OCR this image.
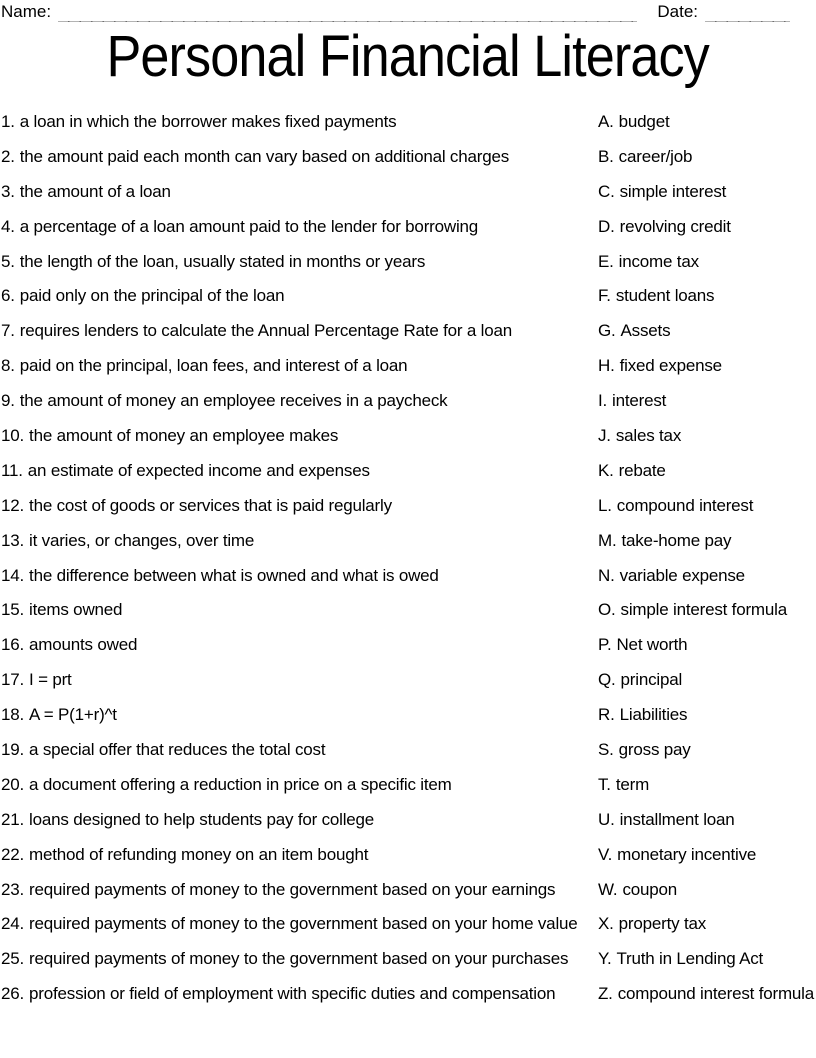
Name:	Date:
Personal Financial Literacy
1. a loan in which the borrower makes fixed payments	A. budget
2. the amount paid each month can vary based on additional charges	B. career/job
3. the amount of a loan	C. simple interest
4. a percentage of a loan amount paid to the lender for borrowing	D. revolving credit
5. the length of the loan, usually stated in months or years	E. income tax
6. paid only on the principal of the loan	F. student loans
7. requires lenders to calculate the Annual Percentage Rate for a loan	G. Assets
8. paid on the principal, loan fees, and interest of a loan	H. fixed expense
9. the amount of money an employee receives in a paycheck	I. interest
10. the amount of money an employee makes	J. sales tax
11. an estimate of expected income and expenses	K. rebate
12. the cost of goods or services that is paid regularly	L. compound interest
13. it varies, or changes, over time	M. take-home pay
14. the difference between what is owned and what is owed	N. variable expense
15. items owned	O. simple interest formula
16. amounts owed	P. Net worth
17. I = prt	Q. principal
18. A = P(1+r)^t	R. Liabilities
19. a special offer that reduces the total cost	S. gross pay
20. a document offering a reduction in price on a specific item	T. term
21. loans designed to help students pay for college	U. installment loan
22. method of refunding money on an item bought	V. monetary incentive
23. required payments of money to the government based on your earnings	W. coupon
24. required payments of money to the government based on your home value X. property tax
25. required payments of money to the government based on your purchases Y. Truth in Lending Act
26. profession or field of employment with specific duties and compensation	Z. compound interest formula
